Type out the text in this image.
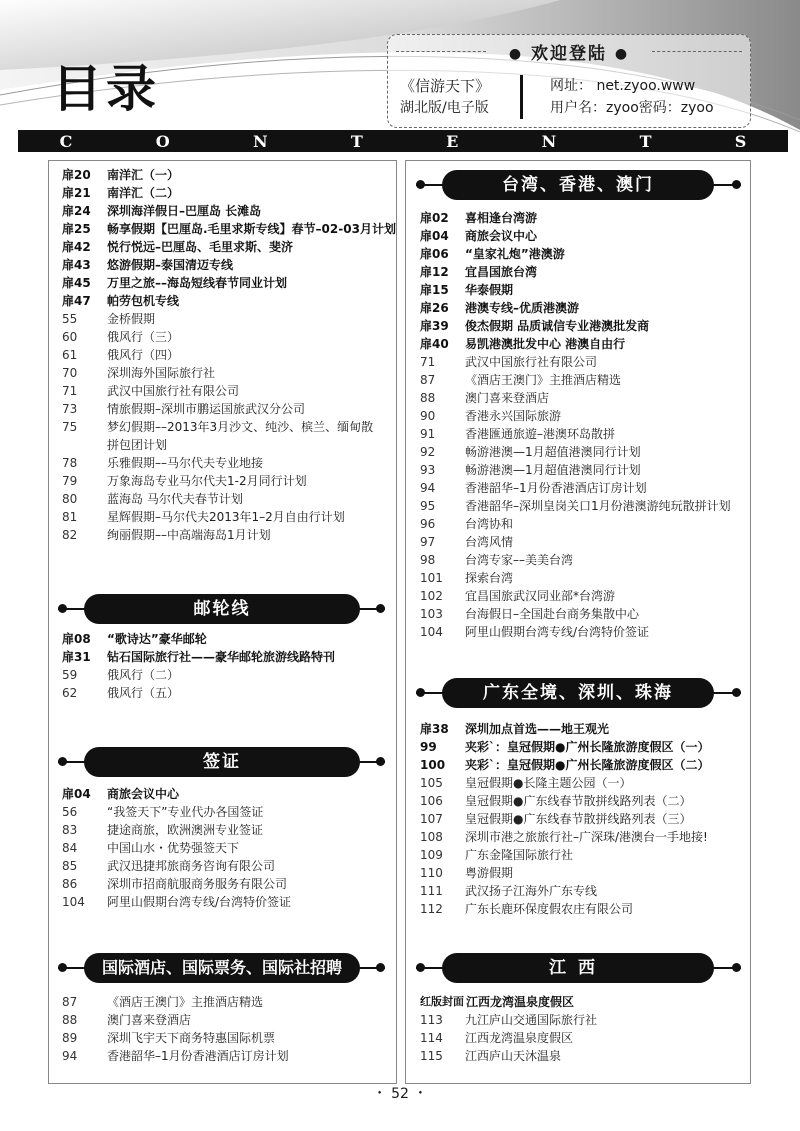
目录
C	O	N	T	E	N	T	S
● 欢迎登陆 ●
《信游天下》
湖北版/电子版
网址： net.zyoo.www
用户名：zyoo密码：zyoo
扉20	南洋汇（一）
扉21	南洋汇（二）
扉24	深圳海洋假日–巴厘岛 长滩岛
扉25	畅享假期【巴厘岛.毛里求斯专线】春节–02-03月计划
扉42	悦行悦远–巴厘岛、毛里求斯、斐济
扉43	悠游假期–泰国清迈专线
扉45	万里之旅––海岛短线春节同业计划
扉47	帕劳包机专线
55	金桥假期
60	俄风行（三）
61	俄风行（四）
70	深圳海外国际旅行社
71	武汉中国旅行社有限公司
73	情旅假期–深圳市鹏运国旅武汉分公司
75	梦幻假期––2013年3月沙文、纯沙、槟兰、缅甸散拼包团计划
78	乐雅假期––马尔代夫专业地接
79	万象海岛专业马尔代夫1-2月同行计划
80	蓝海岛 马尔代夫春节计划
81	星辉假期–马尔代夫2013年1–2月自由行计划
82	绚丽假期––中高端海岛1月计划
邮轮线
扉08	“歌诗达”豪华邮轮
扉31	钻石国际旅行社——豪华邮轮旅游线路特刊
59	俄风行（二）
62	俄风行（五）
签证
扉04	商旅会议中心
56	“我签天下”专业代办各国签证
83	捷途商旅，欧洲澳洲专业签证
84	中国山水・优势强签天下
85	武汉迅捷邦旅商务咨询有限公司
86	深圳市招商航服商务服务有限公司
104	阿里山假期台湾专线/台湾特价签证
国际酒店、国际票务、国际社招聘
87	《酒店王澳门》主推酒店精选
88	澳门喜来登酒店
89	深圳飞宇天下商务特惠国际机票
94	香港韶华–1月份香港酒店订房计划
台湾、香港、澳门
扉02	喜相逢台湾游
扉04	商旅会议中心
扉06	“皇家礼炮”港澳游
扉12	宜昌国旅台湾
扉15	华泰假期
扉26	港澳专线–优质港澳游
扉39	俊杰假期 品质诚信专业港澳批发商
扉40	易凯港澳批发中心 港澳自由行
71	武汉中国旅行社有限公司
87	《酒店王澳门》主推酒店精选
88	澳门喜来登酒店
90	香港永兴国际旅游
91	香港匯通旅遊–港澳环岛散拼
92	畅游港澳—1月超值港澳同行计划
93	畅游港澳—1月超值港澳同行计划
94	香港韶华–1月份香港酒店订房计划
95	香港韶华–深圳皇岗关口1月份港澳游纯玩散拼计划
96	台湾协和
97	台湾风情
98	台湾专家––美美台湾
101	探索台湾
102	宜昌国旅武汉同业部*台湾游
103	台海假日–全国赴台商务集散中心
104	阿里山假期台湾专线/台湾特价签证
广东全境、深圳、珠海
扉38	深圳加点首选——地王观光
99	夹彩`：皇冠假期●广州长隆旅游度假区（一）
100	夹彩`：皇冠假期●广州长隆旅游度假区（二）
105	皇冠假期●长隆主题公园（一）
106	皇冠假期●广东线春节散拼线路列表（二）
107	皇冠假期●广东线春节散拼线路列表（三）
108	深圳市港之旅旅行社–广深珠/港澳台一手地接!
109	广东金隆国际旅行社
110	粤游假期
111	武汉扬子江海外广东专线
112	广东长鹿环保度假农庄有限公司
江西
红版封面 江西龙湾温泉度假区
113	九江庐山交通国际旅行社
114	江西龙湾温泉度假区
115	江西庐山天沐温泉
・ 52 ・
